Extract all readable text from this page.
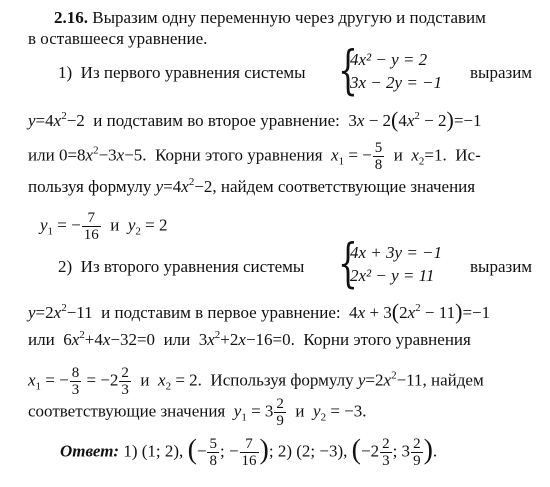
2.16. Выразим одну переменную через другую и подставим
в оставшееся уравнение.
1) Из первого уравнения системы {
4x² − y = 2
3x − 2y = −1
выразим
$y=4x^2-2$  и подставим во второе уравнение:  $3x - 2(4x^2 - 2)=-1$
или $0=8x^2-3x-5$.  Корни этого уравнения $x_1$ = − $\frac{5}{8}$ и $x_2=1$.  Ис-
пользуя формулу $y=4x^2-2$, найдем соответствующие значения
$y_1$ = − $\frac{7}{16}$ и $y_2 = 2$
2) Из второго уравнения системы {
4x + 3y = −1
2x² − y = 11 выразим
$y=2x^2-11$  и подставим в первое уравнение:  $4x + 3(2x^2 - 11)=-1$
или  $6x^2+4x-32=0$  или  $3x^2+2x-16=0$.  Корни этого уравнения
$x_1$ = − $\frac{8}{3} = -2 \frac{2}{3}$ и $x_2 = 2$.  Используя формулу $y=2x^2-11$, найдем
соответствующие значения $y_1 = 3 \frac{2}{9}$ и $y_2 = -3$.
Ответ: 1) (1; 2), (− $\frac{5}{8}$ ; − $\frac{7}{16}$ ); 2) (2; −3), ($-2 \frac{2}{3}$ ; $3 \frac{2}{9}$ ).
